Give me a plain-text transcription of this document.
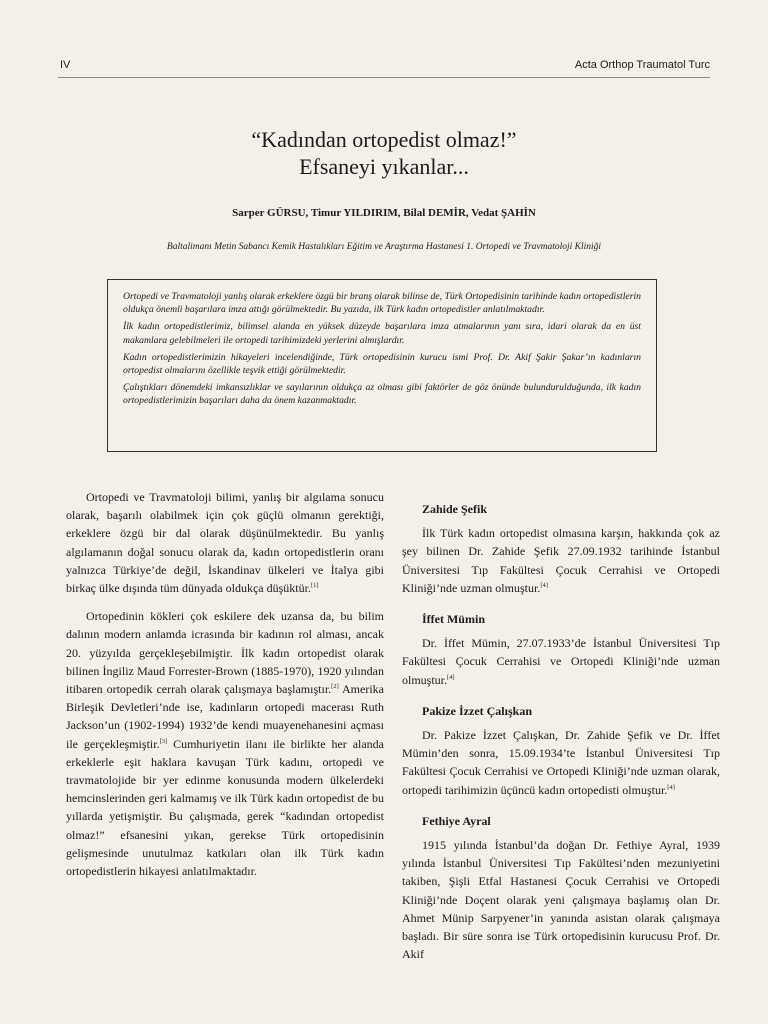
IV	Acta Orthop Traumatol Turc
“Kadından ortopedist olmaz!”
Efsaneyi yıkanlar...
Sarper GÜRSU, Timur YILDIRIM, Bilal DEMİR, Vedat ŞAHİN
Baltalimanı Metin Sabancı Kemik Hastalıkları Eğitim ve Araştırma Hastanesi 1. Ortopedi ve Travmatoloji Kliniği

Ortopedi ve Travmatoloji yanlış olarak erkeklere özgü bir branş olarak bilinse de, Türk Ortopedisinin tarihinde kadın ortopedistlerin oldukça önemli başarılara imza attığı görülmektedir. Bu yazıda, ilk Türk kadın ortopedistler anlatılmaktadır.

İlk kadın ortopedistlerimiz, bilimsel alanda en yüksek düzeyde başarılara imza atmalarının yanı sıra, idari olarak da en üst makamlara gelebilmeleri ile ortopedi tarihimizdeki yerlerini almışlardır.

Kadın ortopedistlerimizin hikayeleri incelendiğinde, Türk ortopedisinin kurucu ismi Prof. Dr. Akif Şakir Şakar’ın kadınların ortopedist olmalarını özellikle teşvik ettiği görülmektedir.

Çalıştıkları dönemdeki imkansızlıklar ve sayılarının oldukça az olması gibi faktörler de göz önünde bulundurulduğunda, ilk kadın ortopedistlerimizin başarıları daha da önem kazanmaktadır.

Ortopedi ve Travmatoloji bilimi, yanlış bir algılama sonucu olarak, başarılı olabilmek için çok güçlü olmanın gerektiği, erkeklere özgü bir dal olarak düşünülmektedir. Bu yanlış algılamanın doğal sonucu olarak da, kadın ortopedistlerin oranı yalnızca Türkiye’de değil, İskandinav ülkeleri ve İtalya gibi birkaç ülke dışında tüm dünyada oldukça düşüktür.[1]

Ortopedinin kökleri çok eskilere dek uzansa da, bu bilim dalının modern anlamda icrasında bir kadının rol alması, ancak 20. yüzyılda gerçekleşebilmiştir. İlk kadın ortopedist olarak bilinen İngiliz Maud Forrester-Brown (1885-1970), 1920 yılından itibaren ortopedik cerrah olarak çalışmaya başlamıştır.[2] Amerika Birleşik Devletleri’nde ise, kadınların ortopedi macerası Ruth Jackson’un (1902-1994) 1932’de kendi muayenehanesini açması ile gerçekleşmiştir.[3] Cumhuriyetin ilanı ile birlikte her alanda erkeklerle eşit haklara kavuşan Türk kadını, ortopedi ve travmatolojide bir yer edinme konusunda modern ülkelerdeki hemcinslerinden geri kalmamış ve ilk Türk kadın ortopedist de bu yıllarda yetişmiştir. Bu çalışmada, gerek “kadından ortopedist olmaz!” efsanesini yıkan, gerekse Türk ortopedisinin gelişmesinde unutulmaz katkıları olan ilk Türk kadın ortopedistlerin hikayesi anlatılmaktadır.

Zahide Şefik

İlk Türk kadın ortopedist olmasına karşın, hakkında çok az şey bilinen Dr. Zahide Şefik 27.09.1932 tarihinde İstanbul Üniversitesi Tıp Fakültesi Çocuk Cerrahisi ve Ortopedi Kliniği’nde uzman olmuştur.[4]

İffet Mümin

Dr. İffet Mümin, 27.07.1933’de İstanbul Üniversitesi Tıp Fakültesi Çocuk Cerrahisi ve Ortopedi Kliniği’nde uzman olmuştur.[4]

Pakize İzzet Çalışkan

Dr. Pakize İzzet Çalışkan, Dr. Zahide Şefik ve Dr. İffet Mümin’den sonra, 15.09.1934’te İstanbul Üniversitesi Tıp Fakültesi Çocuk Cerrahisi ve Ortopedi Kliniği’nde uzman olarak, ortopedi tarihimizin üçüncü kadın ortopedisti olmuştur.[4]

Fethiye Ayral

1915 yılında İstanbul’da doğan Dr. Fethiye Ayral, 1939 yılında İstanbul Üniversitesi Tıp Fakültesi’nden mezuniyetini takiben, Şişli Etfal Hastanesi Çocuk Cerrahisi ve Ortopedi Kliniği’nde Doçent olarak yeni çalışmaya başlamış olan Dr. Ahmet Münip Sarpyener’in yanında asistan olarak çalışmaya başladı. Bir süre sonra ise Türk ortopedisinin kurucusu Prof. Dr. Akif
